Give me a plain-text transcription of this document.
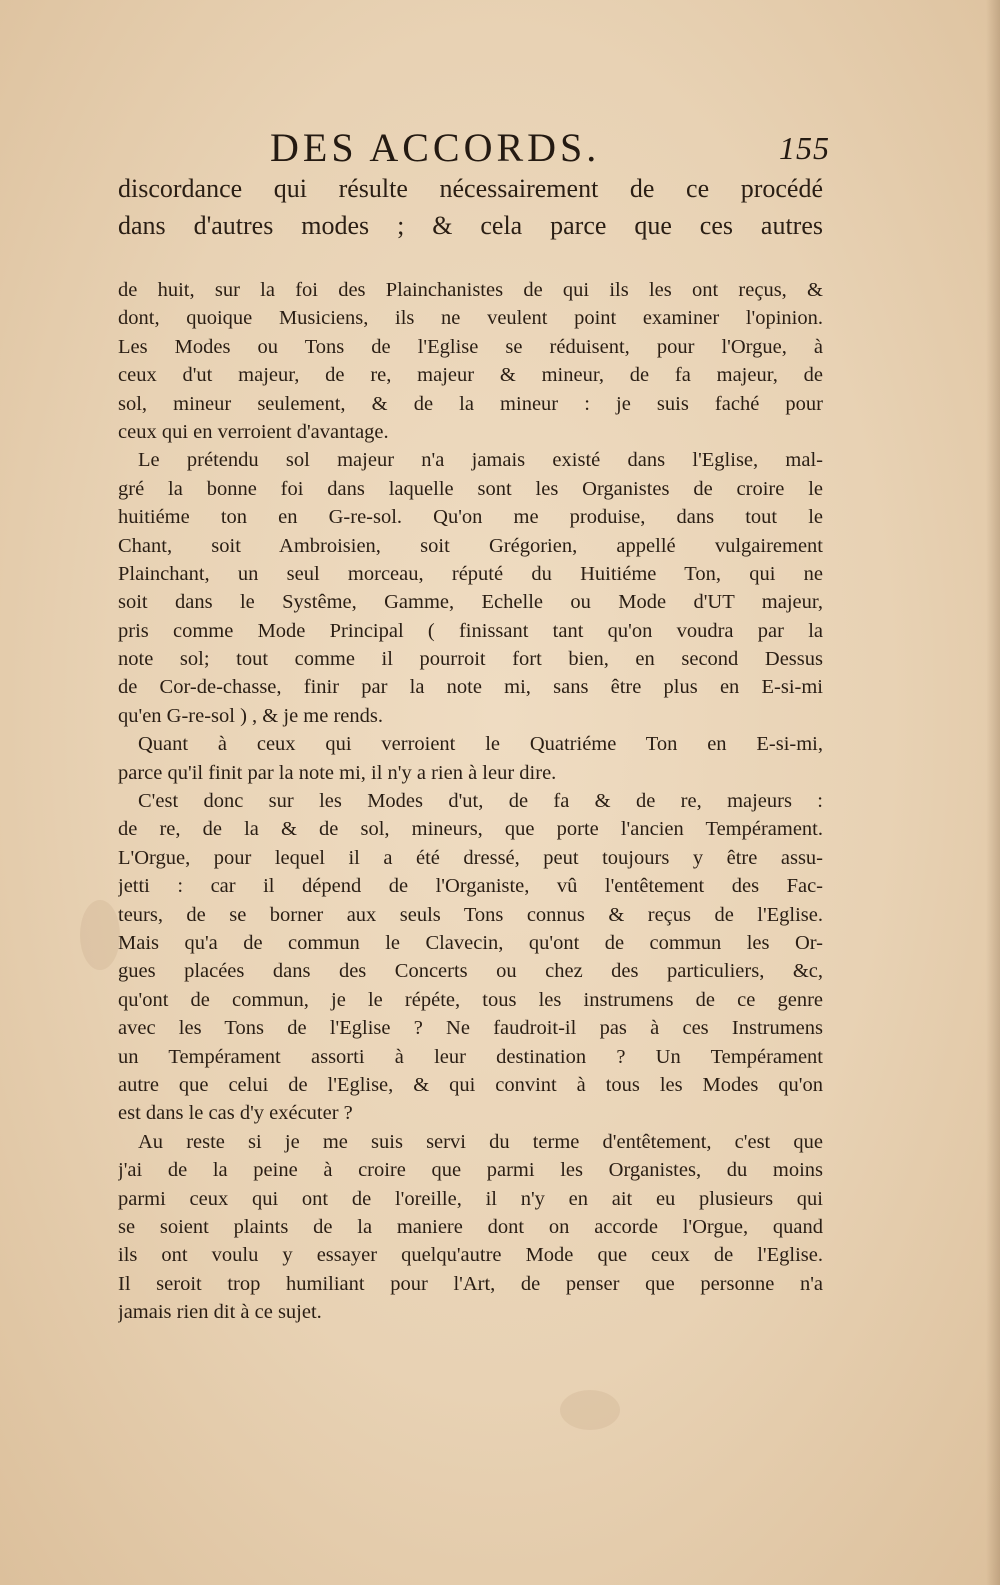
DES ACCORDS.	155
discordance qui résulte nécessairement de ce procédé
dans d'autres modes ; & cela parce que ces autres
de huit, sur la foi des Plainchanistes de qui ils les ont reçus, &
dont, quoique Musiciens, ils ne veulent point examiner l'opinion.
Les Modes ou Tons de l'Eglise se réduisent, pour l'Orgue, à
ceux d'ut majeur, de re, majeur & mineur, de fa majeur, de
sol, mineur seulement, & de la mineur : je suis faché pour
ceux qui en verroient d'avantage.
Le prétendu sol majeur n'a jamais existé dans l'Eglise, mal-
gré la bonne foi dans laquelle sont les Organistes de croire le
huitiéme ton en G-re-sol. Qu'on me produise, dans tout le
Chant, soit Ambroisien, soit Grégorien, appellé vulgairement
Plainchant, un seul morceau, réputé du Huitiéme Ton, qui ne
soit dans le Systême, Gamme, Echelle ou Mode d'UT majeur,
pris comme Mode Principal ( finissant tant qu'on voudra par la
note sol; tout comme il pourroit fort bien, en second Dessus
de Cor-de-chasse, finir par la note mi, sans être plus en E-si-mi
qu'en G-re-sol ) , & je me rends.
Quant à ceux qui verroient le Quatriéme Ton en E-si-mi,
parce qu'il finit par la note mi, il n'y a rien à leur dire.
C'est donc sur les Modes d'ut, de fa & de re, majeurs :
de re, de la & de sol, mineurs, que porte l'ancien Tempérament.
L'Orgue, pour lequel il a été dressé, peut toujours y être assu-
jetti : car il dépend de l'Organiste, vû l'entêtement des Fac-
teurs, de se borner aux seuls Tons connus & reçus de l'Eglise.
Mais qu'a de commun le Clavecin, qu'ont de commun les Or-
gues placées dans des Concerts ou chez des particuliers, &c,
qu'ont de commun, je le répéte, tous les instrumens de ce genre
avec les Tons de l'Eglise ? Ne faudroit-il pas à ces Instrumens
un Tempérament assorti à leur destination ? Un Tempérament
autre que celui de l'Eglise, & qui convint à tous les Modes qu'on
est dans le cas d'y exécuter ?
Au reste si je me suis servi du terme d'entêtement, c'est que
j'ai de la peine à croire que parmi les Organistes, du moins
parmi ceux qui ont de l'oreille, il n'y en ait eu plusieurs qui
se soient plaints de la maniere dont on accorde l'Orgue, quand
ils ont voulu y essayer quelqu'autre Mode que ceux de l'Eglise.
Il seroit trop humiliant pour l'Art, de penser que personne n'a
jamais rien dit à ce sujet.
